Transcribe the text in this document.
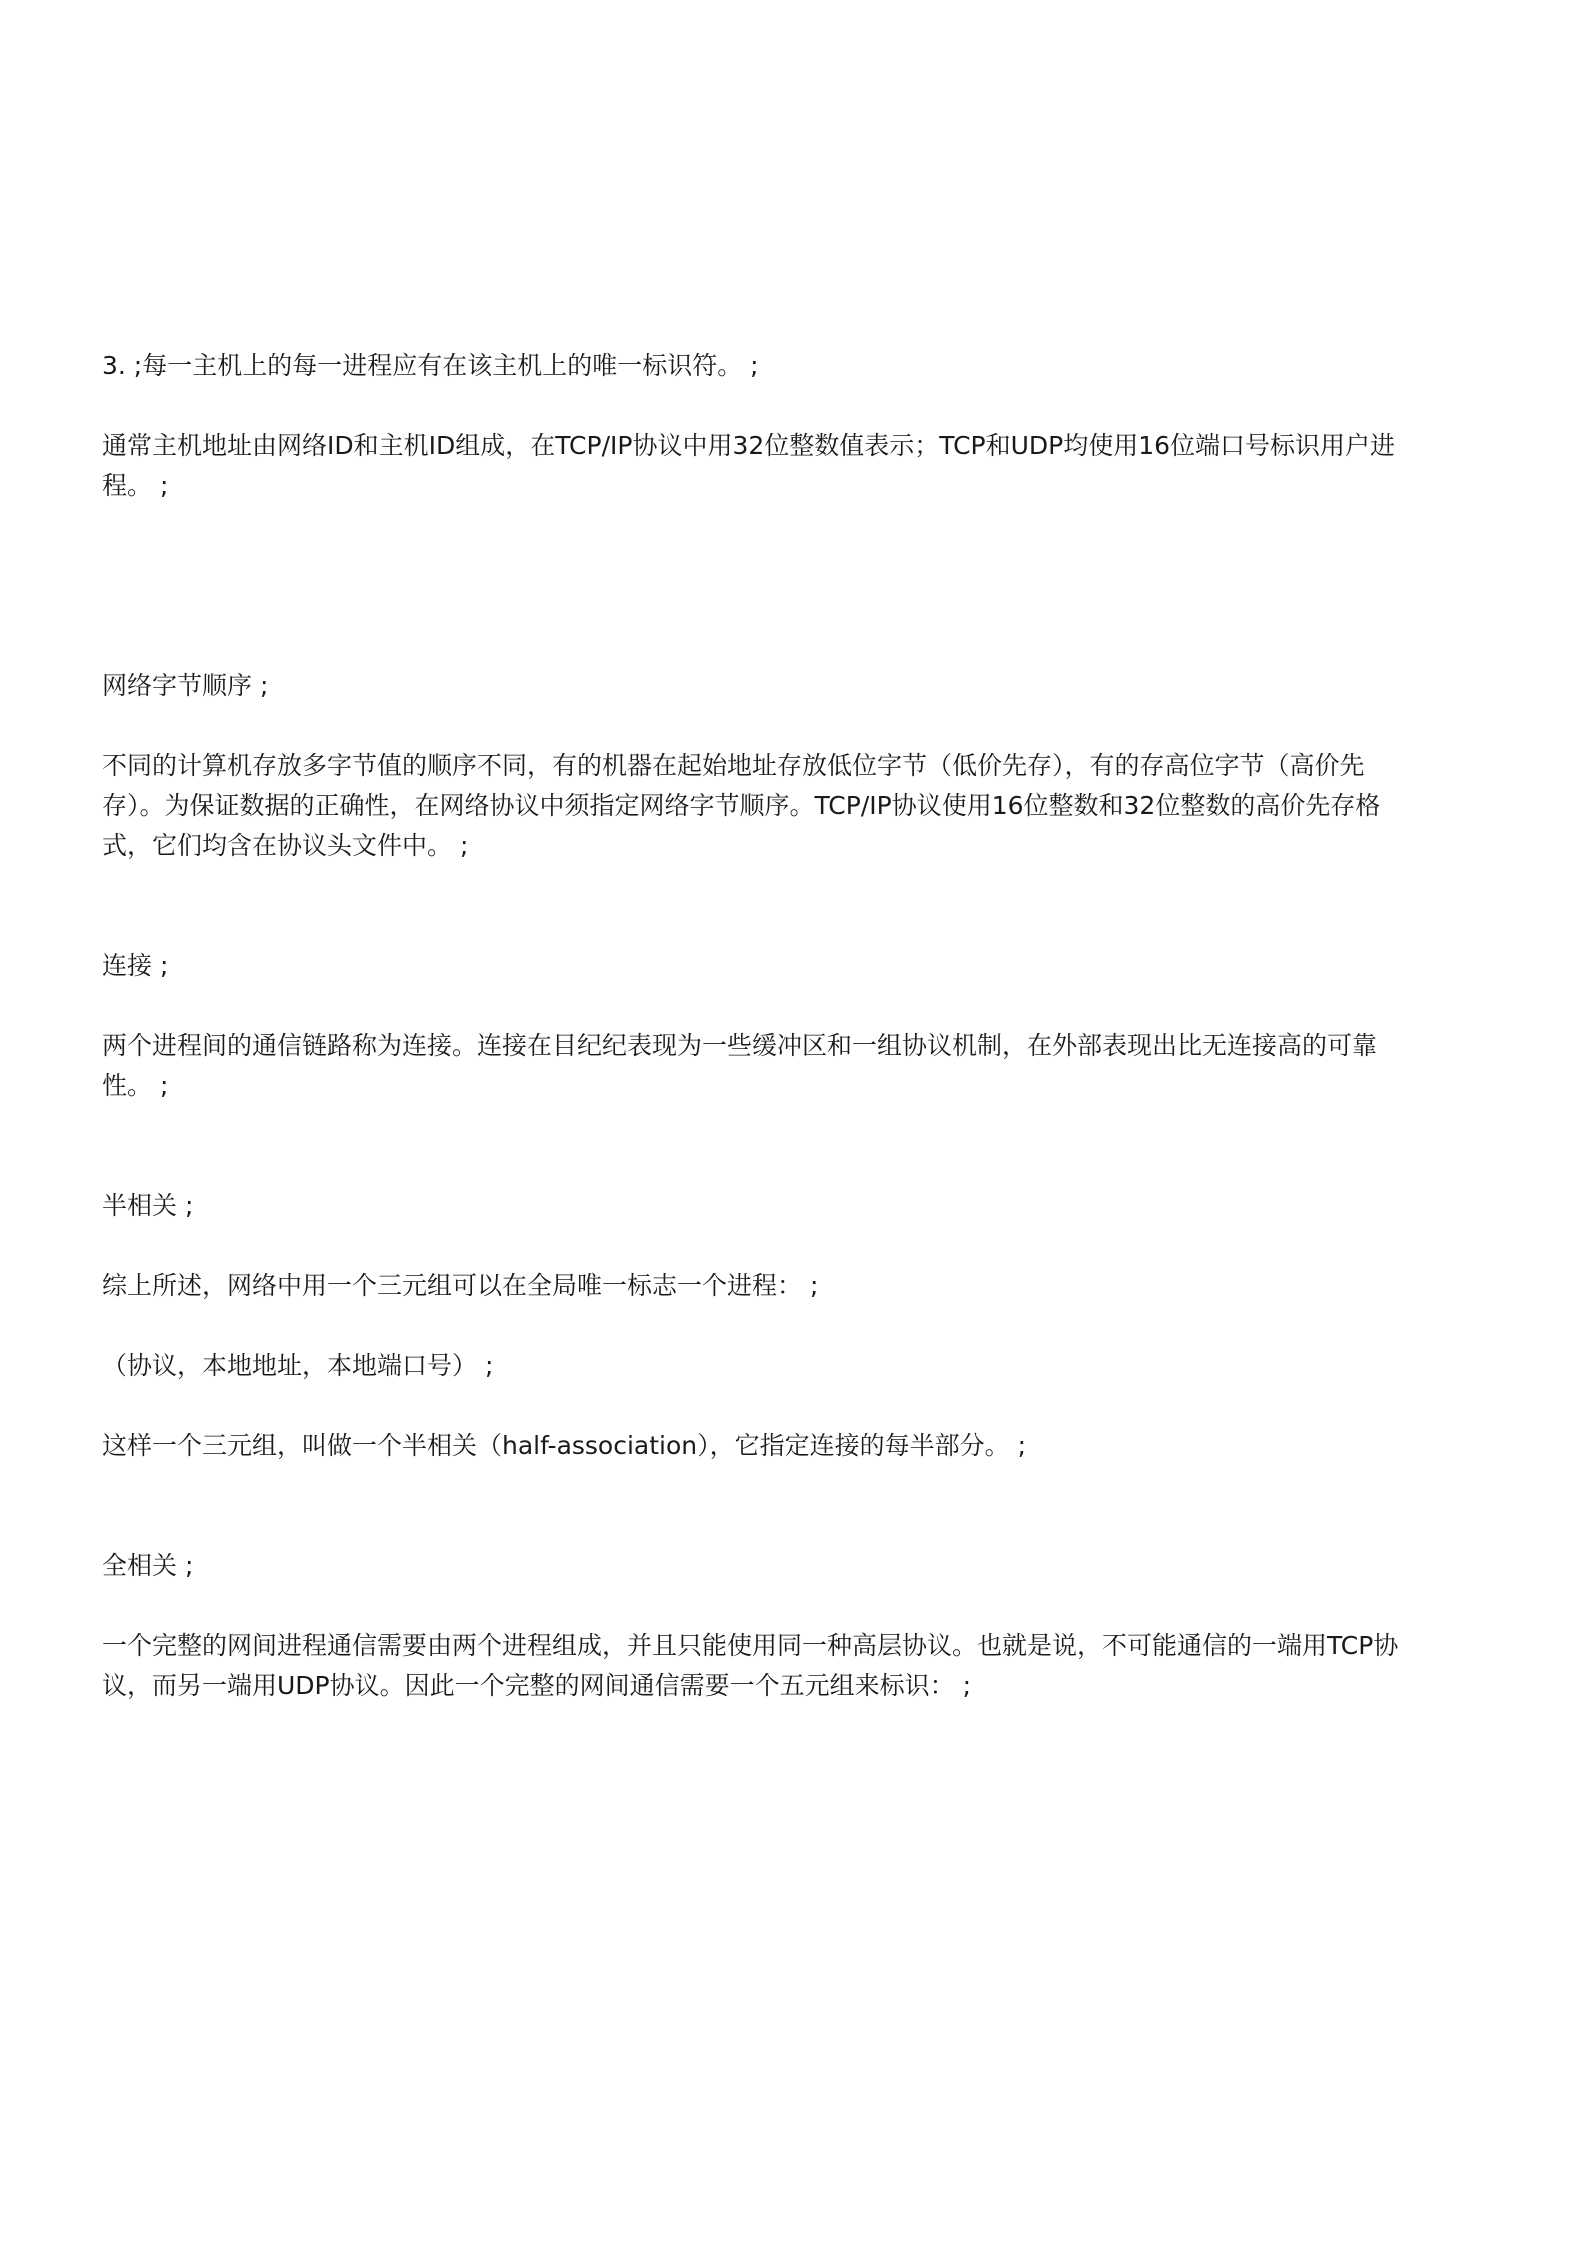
3. ;每一主机上的每一进程应有在该主机上的唯一标识符。 ;

通常主机地址由网络ID和主机ID组成，在TCP/IP协议中用32位整数值表示；TCP和UDP均使用16位端口号标识用户进程。 ;

网络字节顺序 ;

不同的计算机存放多字节值的顺序不同，有的机器在起始地址存放低位字节（低价先存），有的存高位字节（高价先存）。为保证数据的正确性，在网络协议中须指定网络字节顺序。TCP/IP协议使用16位整数和32位整数的高价先存格式，它们均含在协议头文件中。 ;

连接 ;

两个进程间的通信链路称为连接。连接在目纪纪表现为一些缓冲区和一组协议机制，在外部表现出比无连接高的可靠性。 ;

半相关 ;

综上所述，网络中用一个三元组可以在全局唯一标志一个进程： ;

（协议，本地地址，本地端口号） ;

这样一个三元组，叫做一个半相关（half-association），它指定连接的每半部分。 ;

全相关 ;

一个完整的网间进程通信需要由两个进程组成，并且只能使用同一种高层协议。也就是说，不可能通信的一端用TCP协议，而另一端用UDP协议。因此一个完整的网间通信需要一个五元组来标识： ;
